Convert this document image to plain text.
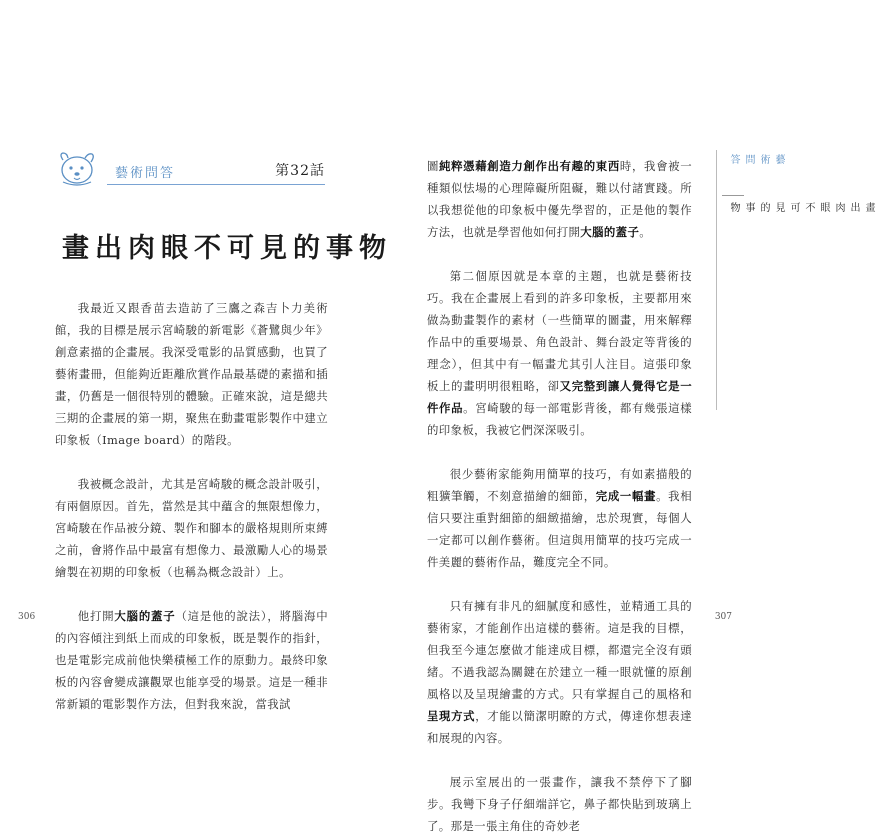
藝術問答	第32話
畫出肉眼不可見的事物

我最近又跟香苗去造訪了三鷹之森吉卜力美術館，我的目標是展示宮崎駿的新電影《蒼鷺與少年》創意素描的企畫展。我深受電影的品質感動，也買了藝術畫冊，但能夠近距離欣賞作品最基礎的素描和插畫，仍舊是一個很特別的體驗。正確來說，這是總共三期的企畫展的第一期，聚焦在動畫電影製作中建立印象板（Image board）的階段。

我被概念設計，尤其是宮崎駿的概念設計吸引，有兩個原因。首先，當然是其中蘊含的無限想像力，宮崎駿在作品被分鏡、製作和腳本的嚴格規則所束縛之前，會將作品中最富有想像力、最激勵人心的場景繪製在初期的印象板（也稱為概念設計）上。

他打開大腦的蓋子（這是他的說法），將腦海中的內容傾注到紙上而成的印象板，既是製作的指針，也是電影完成前他快樂積極工作的原動力。最終印象板的內容會變成讓觀眾也能享受的場景。這是一種非常新穎的電影製作方法，但對我來說，當我試

306

圖純粹憑藉創造力創作出有趣的東西時，我會被一種類似怯場的心理障礙所阻礙，難以付諸實踐。所以我想從他的印象板中優先學習的，正是他的製作方法，也就是學習他如何打開大腦的蓋子。

第二個原因就是本章的主題，也就是藝術技巧。我在企畫展上看到的許多印象板，主要都用來做為動畫製作的素材（一些簡單的圖畫，用來解釋作品中的重要場景、角色設計、舞台設定等背後的理念），但其中有一幅畫尤其引人注目。這張印象板上的畫明明很粗略，卻又完整到讓人覺得它是一件作品。宮崎駿的每一部電影背後，都有幾張這樣的印象板，我被它們深深吸引。

很少藝術家能夠用簡單的技巧，有如素描般的粗獷筆觸，不刻意描繪的細節，完成一幅畫。我相信只要注重對細節的細緻描繪，忠於現實，每個人一定都可以創作藝術。但這與用簡單的技巧完成一件美麗的藝術作品，難度完全不同。

只有擁有非凡的細膩度和感性，並精通工具的藝術家，才能創作出這樣的藝術。這是我的目標，但我至今連怎麼做才能達成目標，都還完全沒有頭緒。不過我認為關鍵在於建立一種一眼就懂的原創風格以及呈現繪畫的方式。只有掌握自己的風格和呈現方式，才能以簡潔明瞭的方式，傳達你想表達和展現的內容。

展示室展出的一張畫作，讓我不禁停下了腳步。我彎下身子仔細端詳它，鼻子都快貼到玻璃上了。那是一張主角住的奇妙老

藝術問答
畫出肉眼不可見的事物
307
